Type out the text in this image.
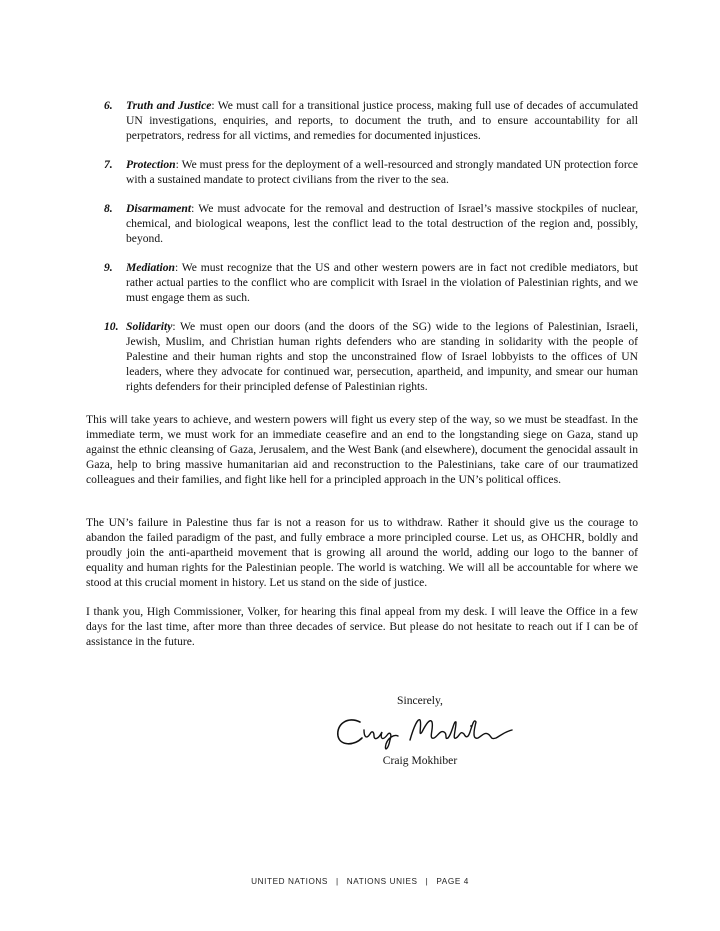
6. Truth and Justice: We must call for a transitional justice process, making full use of decades of accumulated UN investigations, enquiries, and reports, to document the truth, and to ensure accountability for all perpetrators, redress for all victims, and remedies for documented injustices.
7. Protection: We must press for the deployment of a well-resourced and strongly mandated UN protection force with a sustained mandate to protect civilians from the river to the sea.
8. Disarmament: We must advocate for the removal and destruction of Israel’s massive stockpiles of nuclear, chemical, and biological weapons, lest the conflict lead to the total destruction of the region and, possibly, beyond.
9. Mediation: We must recognize that the US and other western powers are in fact not credible mediators, but rather actual parties to the conflict who are complicit with Israel in the violation of Palestinian rights, and we must engage them as such.
10. Solidarity: We must open our doors (and the doors of the SG) wide to the legions of Palestinian, Israeli, Jewish, Muslim, and Christian human rights defenders who are standing in solidarity with the people of Palestine and their human rights and stop the unconstrained flow of Israel lobbyists to the offices of UN leaders, where they advocate for continued war, persecution, apartheid, and impunity, and smear our human rights defenders for their principled defense of Palestinian rights.

This will take years to achieve, and western powers will fight us every step of the way, so we must be steadfast. In the immediate term, we must work for an immediate ceasefire and an end to the longstanding siege on Gaza, stand up against the ethnic cleansing of Gaza, Jerusalem, and the West Bank (and elsewhere), document the genocidal assault in Gaza, help to bring massive humanitarian aid and reconstruction to the Palestinians, take care of our traumatized colleagues and their families, and fight like hell for a principled approach in the UN’s political offices.

The UN’s failure in Palestine thus far is not a reason for us to withdraw. Rather it should give us the courage to abandon the failed paradigm of the past, and fully embrace a more principled course. Let us, as OHCHR, boldly and proudly join the anti-apartheid movement that is growing all around the world, adding our logo to the banner of equality and human rights for the Palestinian people. The world is watching. We will all be accountable for where we stood at this crucial moment in history. Let us stand on the side of justice.

I thank you, High Commissioner, Volker, for hearing this final appeal from my desk. I will leave the Office in a few days for the last time, after more than three decades of service. But please do not hesitate to reach out if I can be of assistance in the future.

Sincerely,
Craig Mokhiber
UNITED NATIONS | NATIONS UNIES | PAGE 4
